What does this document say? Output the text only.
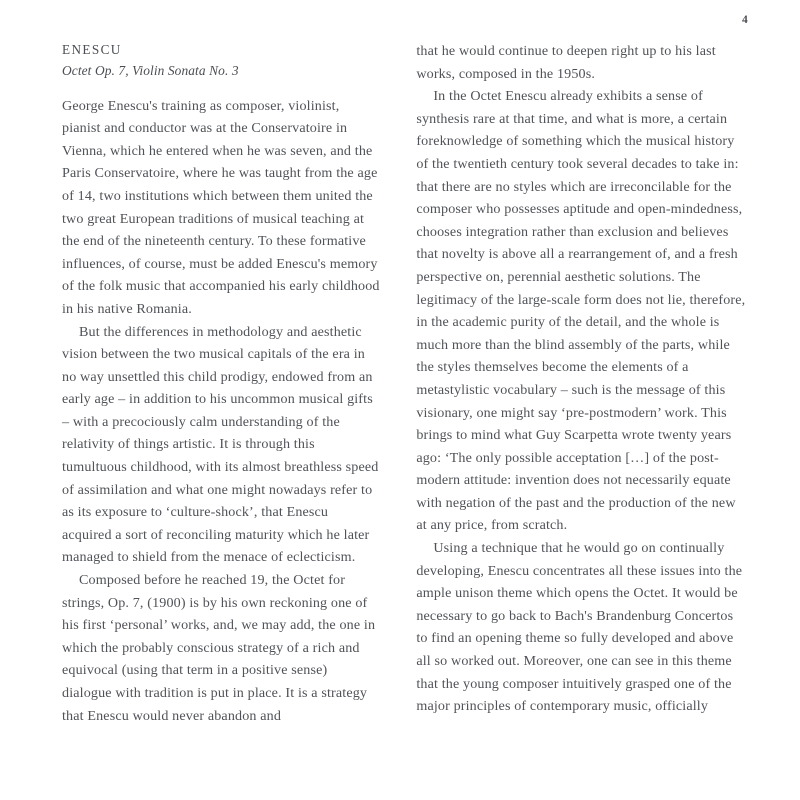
4
ENESCU
Octet Op. 7, Violin Sonata No. 3

George Enescu's training as composer, violinist, pianist and conductor was at the Conservatoire in Vienna, which he entered when he was seven, and the Paris Conservatoire, where he was taught from the age of 14, two institutions which between them united the two great European traditions of musical teaching at the end of the nineteenth century. To these formative influences, of course, must be added Enescu's memory of the folk music that accompanied his early childhood in his native Romania.

But the differences in methodology and aesthetic vision between the two musical capitals of the era in no way unsettled this child prodigy, endowed from an early age – in addition to his uncommon musical gifts – with a precociously calm understanding of the relativity of things artistic. It is through this tumultuous childhood, with its almost breathless speed of assimilation and what one might nowadays refer to as its exposure to ‘culture-shock’, that Enescu acquired a sort of reconciling maturity which he later managed to shield from the menace of eclecticism.

Composed before he reached 19, the Octet for strings, Op. 7, (1900) is by his own reckoning one of his first ‘personal’ works, and, we may add, the one in which the probably conscious strategy of a rich and equivocal (using that term in a positive sense) dialogue with tradition is put in place. It is a strategy that Enescu would never abandon and

that he would continue to deepen right up to his last works, composed in the 1950s.

In the Octet Enescu already exhibits a sense of synthesis rare at that time, and what is more, a certain foreknowledge of something which the musical history of the twentieth century took several decades to take in: that there are no styles which are irreconcilable for the composer who possesses aptitude and open-mindedness, chooses integration rather than exclusion and believes that novelty is above all a rearrangement of, and a fresh perspective on, perennial aesthetic solutions. The legitimacy of the large-scale form does not lie, therefore, in the academic purity of the detail, and the whole is much more than the blind assembly of the parts, while the styles themselves become the elements of a metastylistic vocabulary – such is the message of this visionary, one might say ‘pre-postmodern’ work. This brings to mind what Guy Scarpetta wrote twenty years ago: ‘The only possible acceptation […] of the post-modern attitude: invention does not necessarily equate with negation of the past and the production of the new at any price, from scratch.

Using a technique that he would go on continually developing, Enescu concentrates all these issues into the ample unison theme which opens the Octet. It would be necessary to go back to Bach's Brandenburg Concertos to find an opening theme so fully developed and above all so worked out. Moreover, one can see in this theme that the young composer intuitively grasped one of the major principles of contemporary music, officially
